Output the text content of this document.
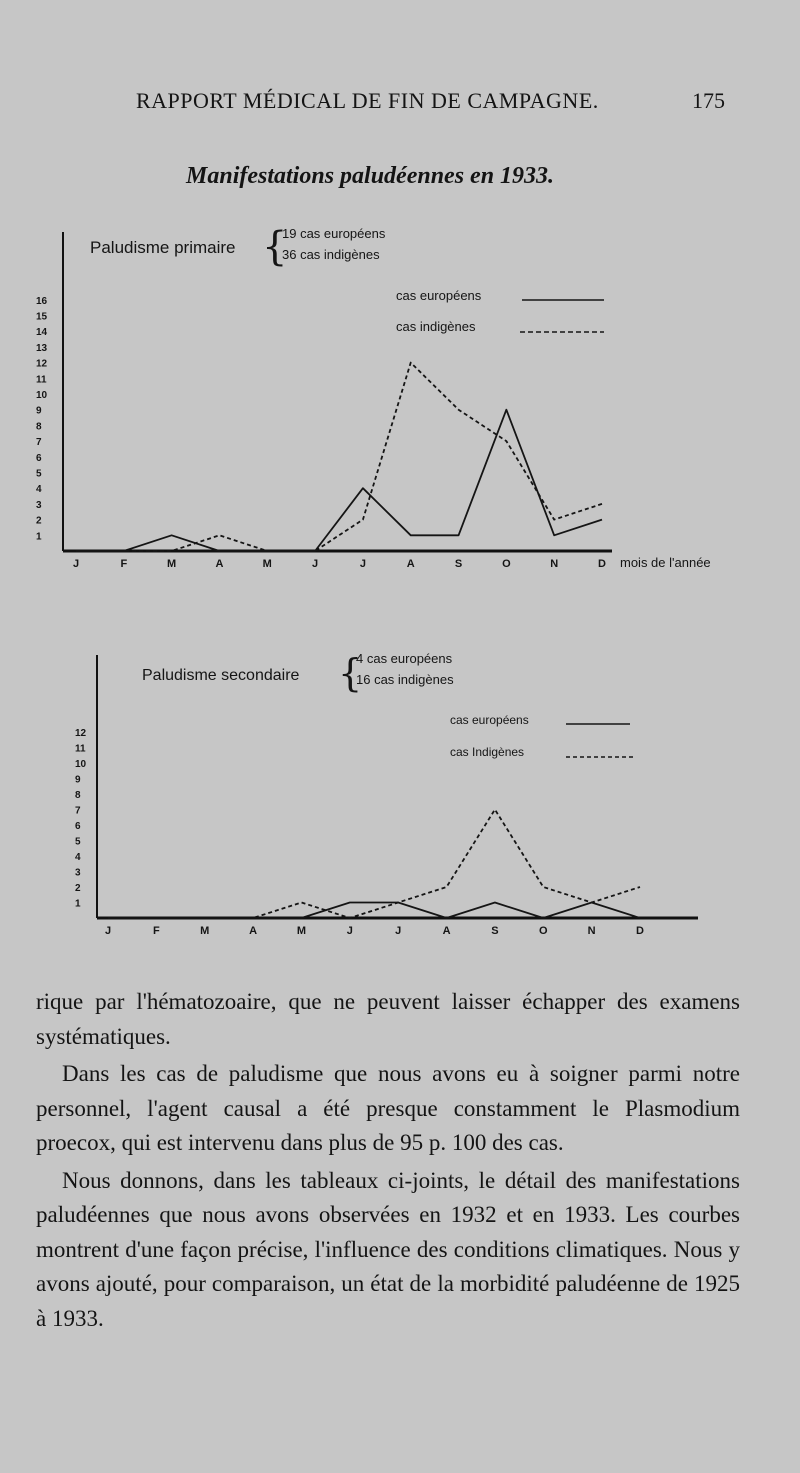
RAPPORT MÉDICAL DE FIN DE CAMPAGNE.	175
Manifestations paludéennes en 1933.
Paludisme primaire {
19 cas européens
36 cas indigènes
cas européens
cas indigènes
1
2
3
4
5
6
7
8
9
10
11
12
13
14
15
16
J	F	M	A	M	J	J	A	S	O	N	D mois de l'année
Paludisme secondaire {
4 cas européens
16 cas indigènes
cas européens
cas Indigènes
1
2
3
4
5
6
7
8
9
10
11
12
J	F	M	A	M	J	J	A	S	O	N	D

rique par l'hématozoaire, que ne peuvent laisser échapper des examens systématiques.

Dans les cas de paludisme que nous avons eu à soigner parmi notre personnel, l'agent causal a été presque constamment le Plasmodium proecox, qui est intervenu dans plus de 95 p. 100 des cas.

Nous donnons, dans les tableaux ci-joints, le détail des manifestations paludéennes que nous avons observées en 1932 et en 1933. Les courbes montrent d'une façon précise, l'influence des conditions climatiques. Nous y avons ajouté, pour comparaison, un état de la morbidité paludéenne de 1925 à 1933.
